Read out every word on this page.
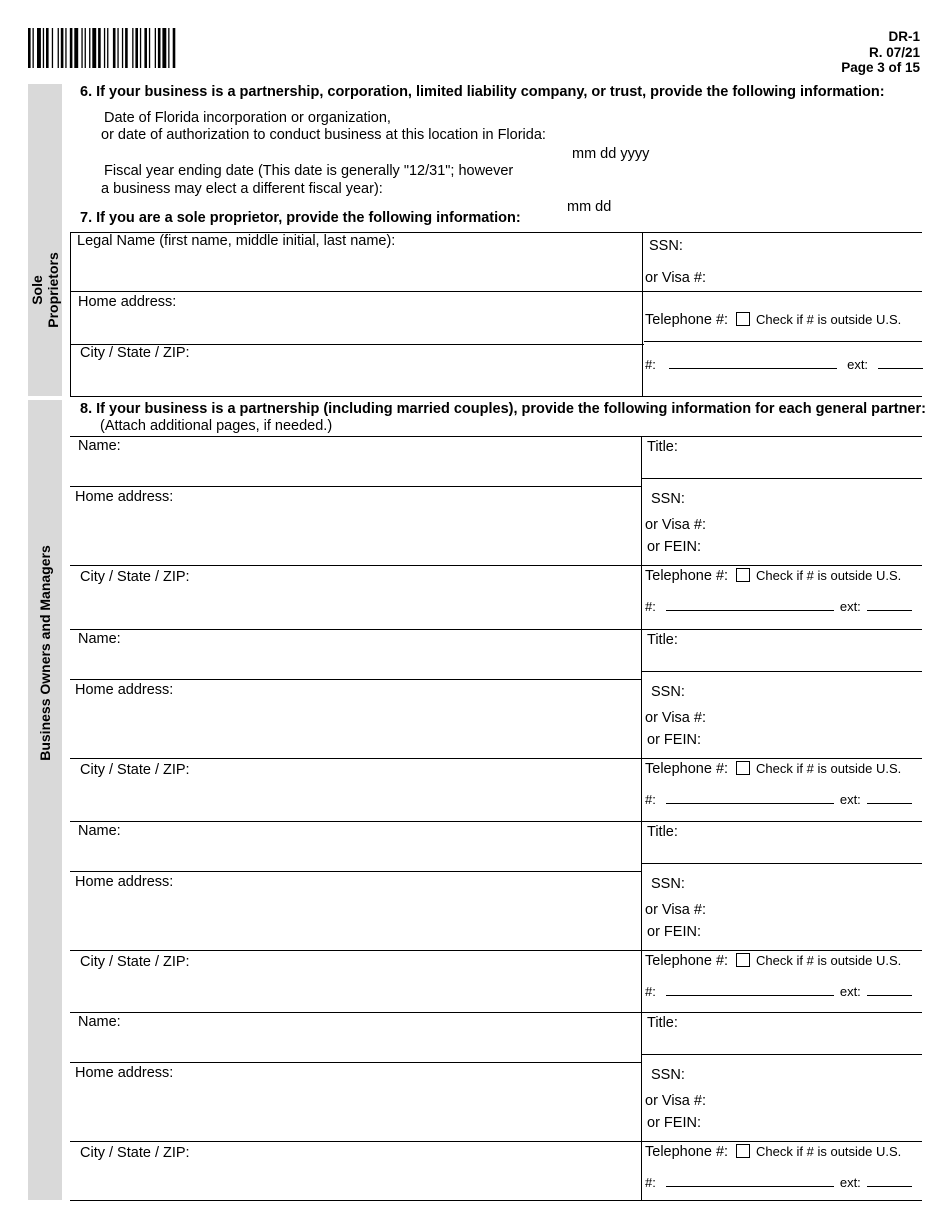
DR-1
R. 07/21
Page 3 of 15
Sole Proprietors
Business Owners and Managers
6. If your business is a partnership, corporation, limited liability company, or trust, provide the following information:
Date of Florida incorporation or organization,
or date of authorization to conduct business at this location in Florida:
mm dd yyyy
Fiscal year ending date (This date is generally "12/31"; however
a business may elect a different fiscal year):
mm dd
7. If you are a sole proprietor, provide the following information:
Legal Name (first name, middle initial, last name):	SSN:
or Visa #:
Home address:
Telephone #: Check if # is outside U.S.
City / State / ZIP:
#:	ext:
8. If your business is a partnership (including married couples), provide the following information for each general partner:
(Attach additional pages, if needed.)
Name:	Title:
Home address:	SSN:
or Visa #:
or FEIN:
City / State / ZIP:	Telephone #: Check if # is outside U.S.
#:	ext:
Name:	Title:
Home address:	SSN:
or Visa #:
or FEIN:
City / State / ZIP:	Telephone #: Check if # is outside U.S.
#:	ext:
Name:	Title:
Home address:	SSN:
or Visa #:
or FEIN:
City / State / ZIP:	Telephone #: Check if # is outside U.S.
#:	ext:
Name:	Title:
Home address:	SSN:
or Visa #:
or FEIN:
City / State / ZIP:	Telephone #: Check if # is outside U.S.
#:	ext:
